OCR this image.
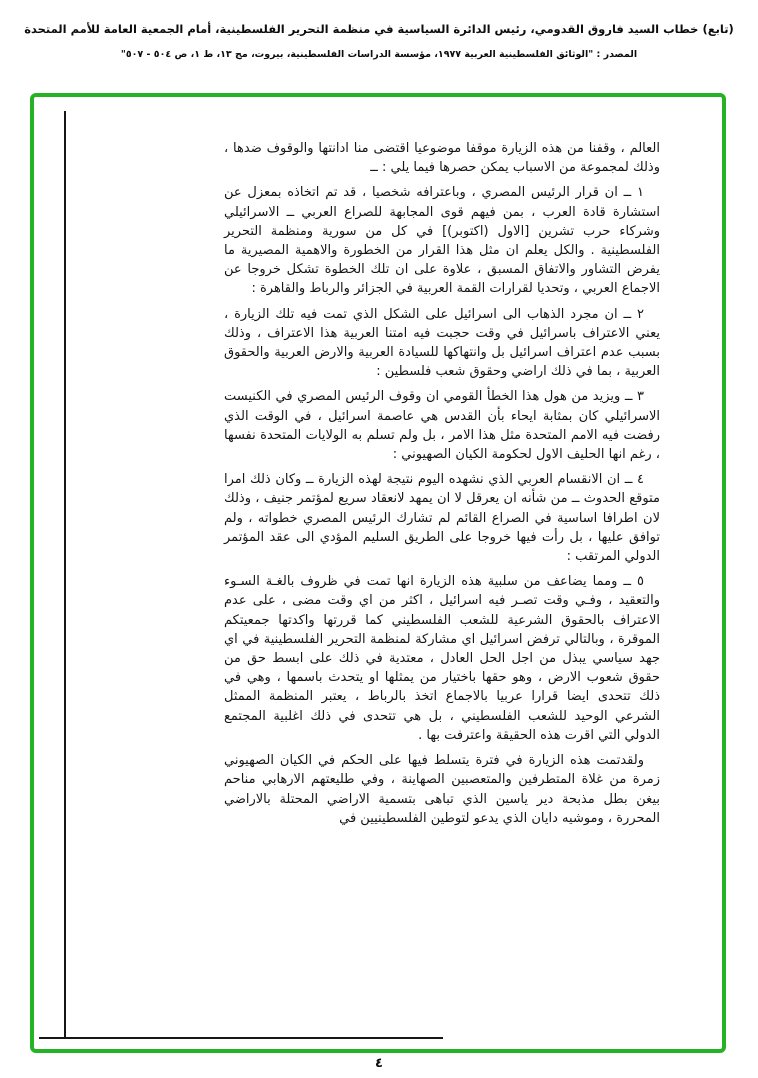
(تابع) خطاب السيد فاروق القدومي، رئيس الدائرة السياسية في منظمة التحرير الفلسطينية، أمام الجمعية العامة للأمم المتحدة
المصدر : "الوثائق الفلسطينية العربية ١٩٧٧، مؤسسة الدراسات الفلسطينية، بيروت، مج ١٣، ط ١، ص ٥٠٤ - ٥٠٧"

العالم ، وقفنا من هذه الزيارة موقفا موضوعيا اقتضى منا ادانتها والوقوف ضدها ، وذلك لمجموعة من الاسباب يمكن حصرها فيما يلي : ــ

١ ــ ان قرار الرئيس المصري ، وباعترافه شخصيا ، قد تم اتخاذه بمعزل عن استشارة قادة العرب ، بمن فيهم قوى المجابهة للصراع العربي ــ الاسرائيلي وشركاء حرب تشرين [الاول (اكتوبر)] في كل من سورية ومنظمة التحرير الفلسطينية . والكل يعلم ان مثل هذا القرار من الخطورة والاهمية المصيرية ما يفرض التشاور والاتفاق المسبق ، علاوة على ان تلك الخطوة تشكل خروجا عن الاجماع العربي ، وتحديا لقرارات القمة العربية في الجزائر والرباط والقاهرة :

٢ ــ ان مجرد الذهاب الى اسرائيل على الشكل الذي تمت فيه تلك الزيارة ، يعني الاعتراف باسرائيل في وقت حجبت فيه امتنا العربية هذا الاعتراف ، وذلك بسبب عدم اعتراف اسرائيل بل وانتهاكها للسيادة العربية والارض العربية والحقوق العربية ، بما في ذلك اراضي وحقوق شعب فلسطين :

٣ ــ ويزيد من هول هذا الخطأ القومي ان وقوف الرئيس المصري في الكنيست الاسرائيلي كان بمثابة ايحاء بأن القدس هي عاصمة اسرائيل ، في الوقت الذي رفضت فيه الامم المتحدة مثل هذا الامر ، بل ولم تسلم به الولايات المتحدة نفسها ، رغم انها الحليف الاول لحكومة الكيان الصهيوني :

٤ ــ ان الانقسام العربي الذي نشهده اليوم نتيجة لهذه الزيارة ــ وكان ذلك امرا متوقع الحدوث ــ من شأنه ان يعرقل لا ان يمهد لانعقاد سريع لمؤتمر جنيف ، وذلك لان اطرافا اساسية في الصراع القائم لم تشارك الرئيس المصري خطواته ، ولم توافق عليها ، بل رأت فيها خروجا على الطريق السليم المؤدي الى عقد المؤتمر الدولي المرتقب :

٥ ــ ومما يضاعف من سلبية هذه الزيارة انها تمت في ظروف بالغـة السـوء والتعقيد ، وفـي وقت تصـر فيه اسرائيل ، اكثر من اي وقت مضى ، على عدم الاعتراف بالحقوق الشرعية للشعب الفلسطيني كما قررتها واكدتها جمعيتكم الموقرة ، وبالتالي ترفض اسرائيل اي مشاركة لمنظمة التحرير الفلسطينية في اي جهد سياسي يبذل من اجل الحل العادل ، معتدية في ذلك على ابسط حق من حقوق شعوب الارض ، وهو حقها باختيار من يمثلها او يتحدث باسمها ، وهي في ذلك تتحدى ايضا قرارا عربيا بالاجماع اتخذ بالرباط ، يعتبر المنظمة الممثل الشرعي الوحيد للشعب الفلسطيني ، بل هي تتحدى في ذلك اغلبية المجتمع الدولي التي اقرت هذه الحقيقة واعترفت بها .

ولقدتمت هذه الزيارة في فترة يتسلط فيها على الحكم في الكيان الصهيوني زمرة من غلاة المتطرفين والمتعصبين الصهاينة ، وفي طليعتهم الارهابي مناحم بيغن بطل مذبحة دير ياسين الذي تباهى بتسمية الاراضي المحتلة بالاراضي المحررة ، وموشيه دايان الذي يدعو لتوطين الفلسطينيين في

٤
